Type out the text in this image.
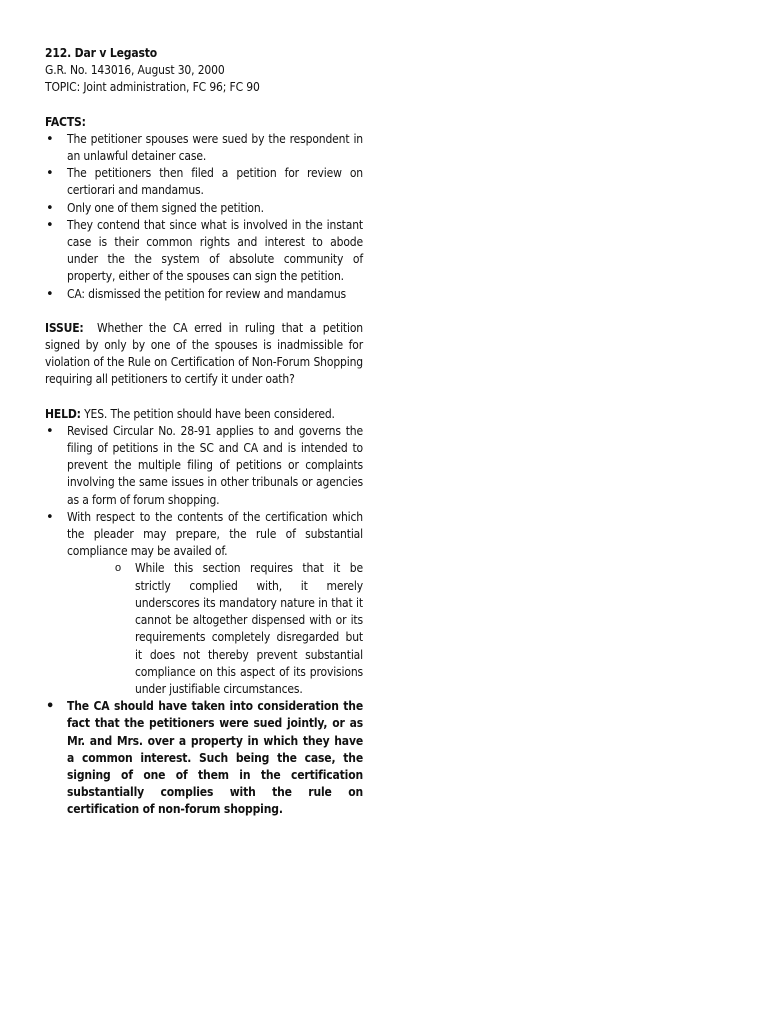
212. Dar v Legasto
G.R. No. 143016, August 30, 2000
TOPIC: Joint administration, FC 96; FC 90
FACTS:
• The petitioner spouses were sued by the respondent in an unlawful detainer case.
• The petitioners then filed a petition for review on certiorari and mandamus.
• Only one of them signed the petition.
• They contend that since what is involved in the instant case is their common rights and interest to abode under the the system of absolute community of property, either of the spouses can sign the petition.
• CA: dismissed the petition for review and mandamus
ISSUE: Whether the CA erred in ruling that a petition signed by only by one of the spouses is inadmissible for violation of the Rule on Certification of Non-Forum Shopping requiring all petitioners to certify it under oath?
HELD: YES. The petition should have been considered.
• Revised Circular No. 28-91 applies to and governs the filing of petitions in the SC and CA and is intended to prevent the multiple filing of petitions or complaints involving the same issues in other tribunals or agencies as a form of forum shopping.
• With respect to the contents of the certification which the pleader may prepare, the rule of substantial compliance may be availed of.
o While this section requires that it be strictly complied with, it merely underscores its mandatory nature in that it cannot be altogether dispensed with or its requirements completely disregarded but it does not thereby prevent substantial compliance on this aspect of its provisions under justifiable circumstances.
• The CA should have taken into consideration the fact that the petitioners were sued jointly, or as Mr. and Mrs. over a property in which they have a common interest. Such being the case, the signing of one of them in the certification substantially complies with the rule on certification of non-forum shopping.
